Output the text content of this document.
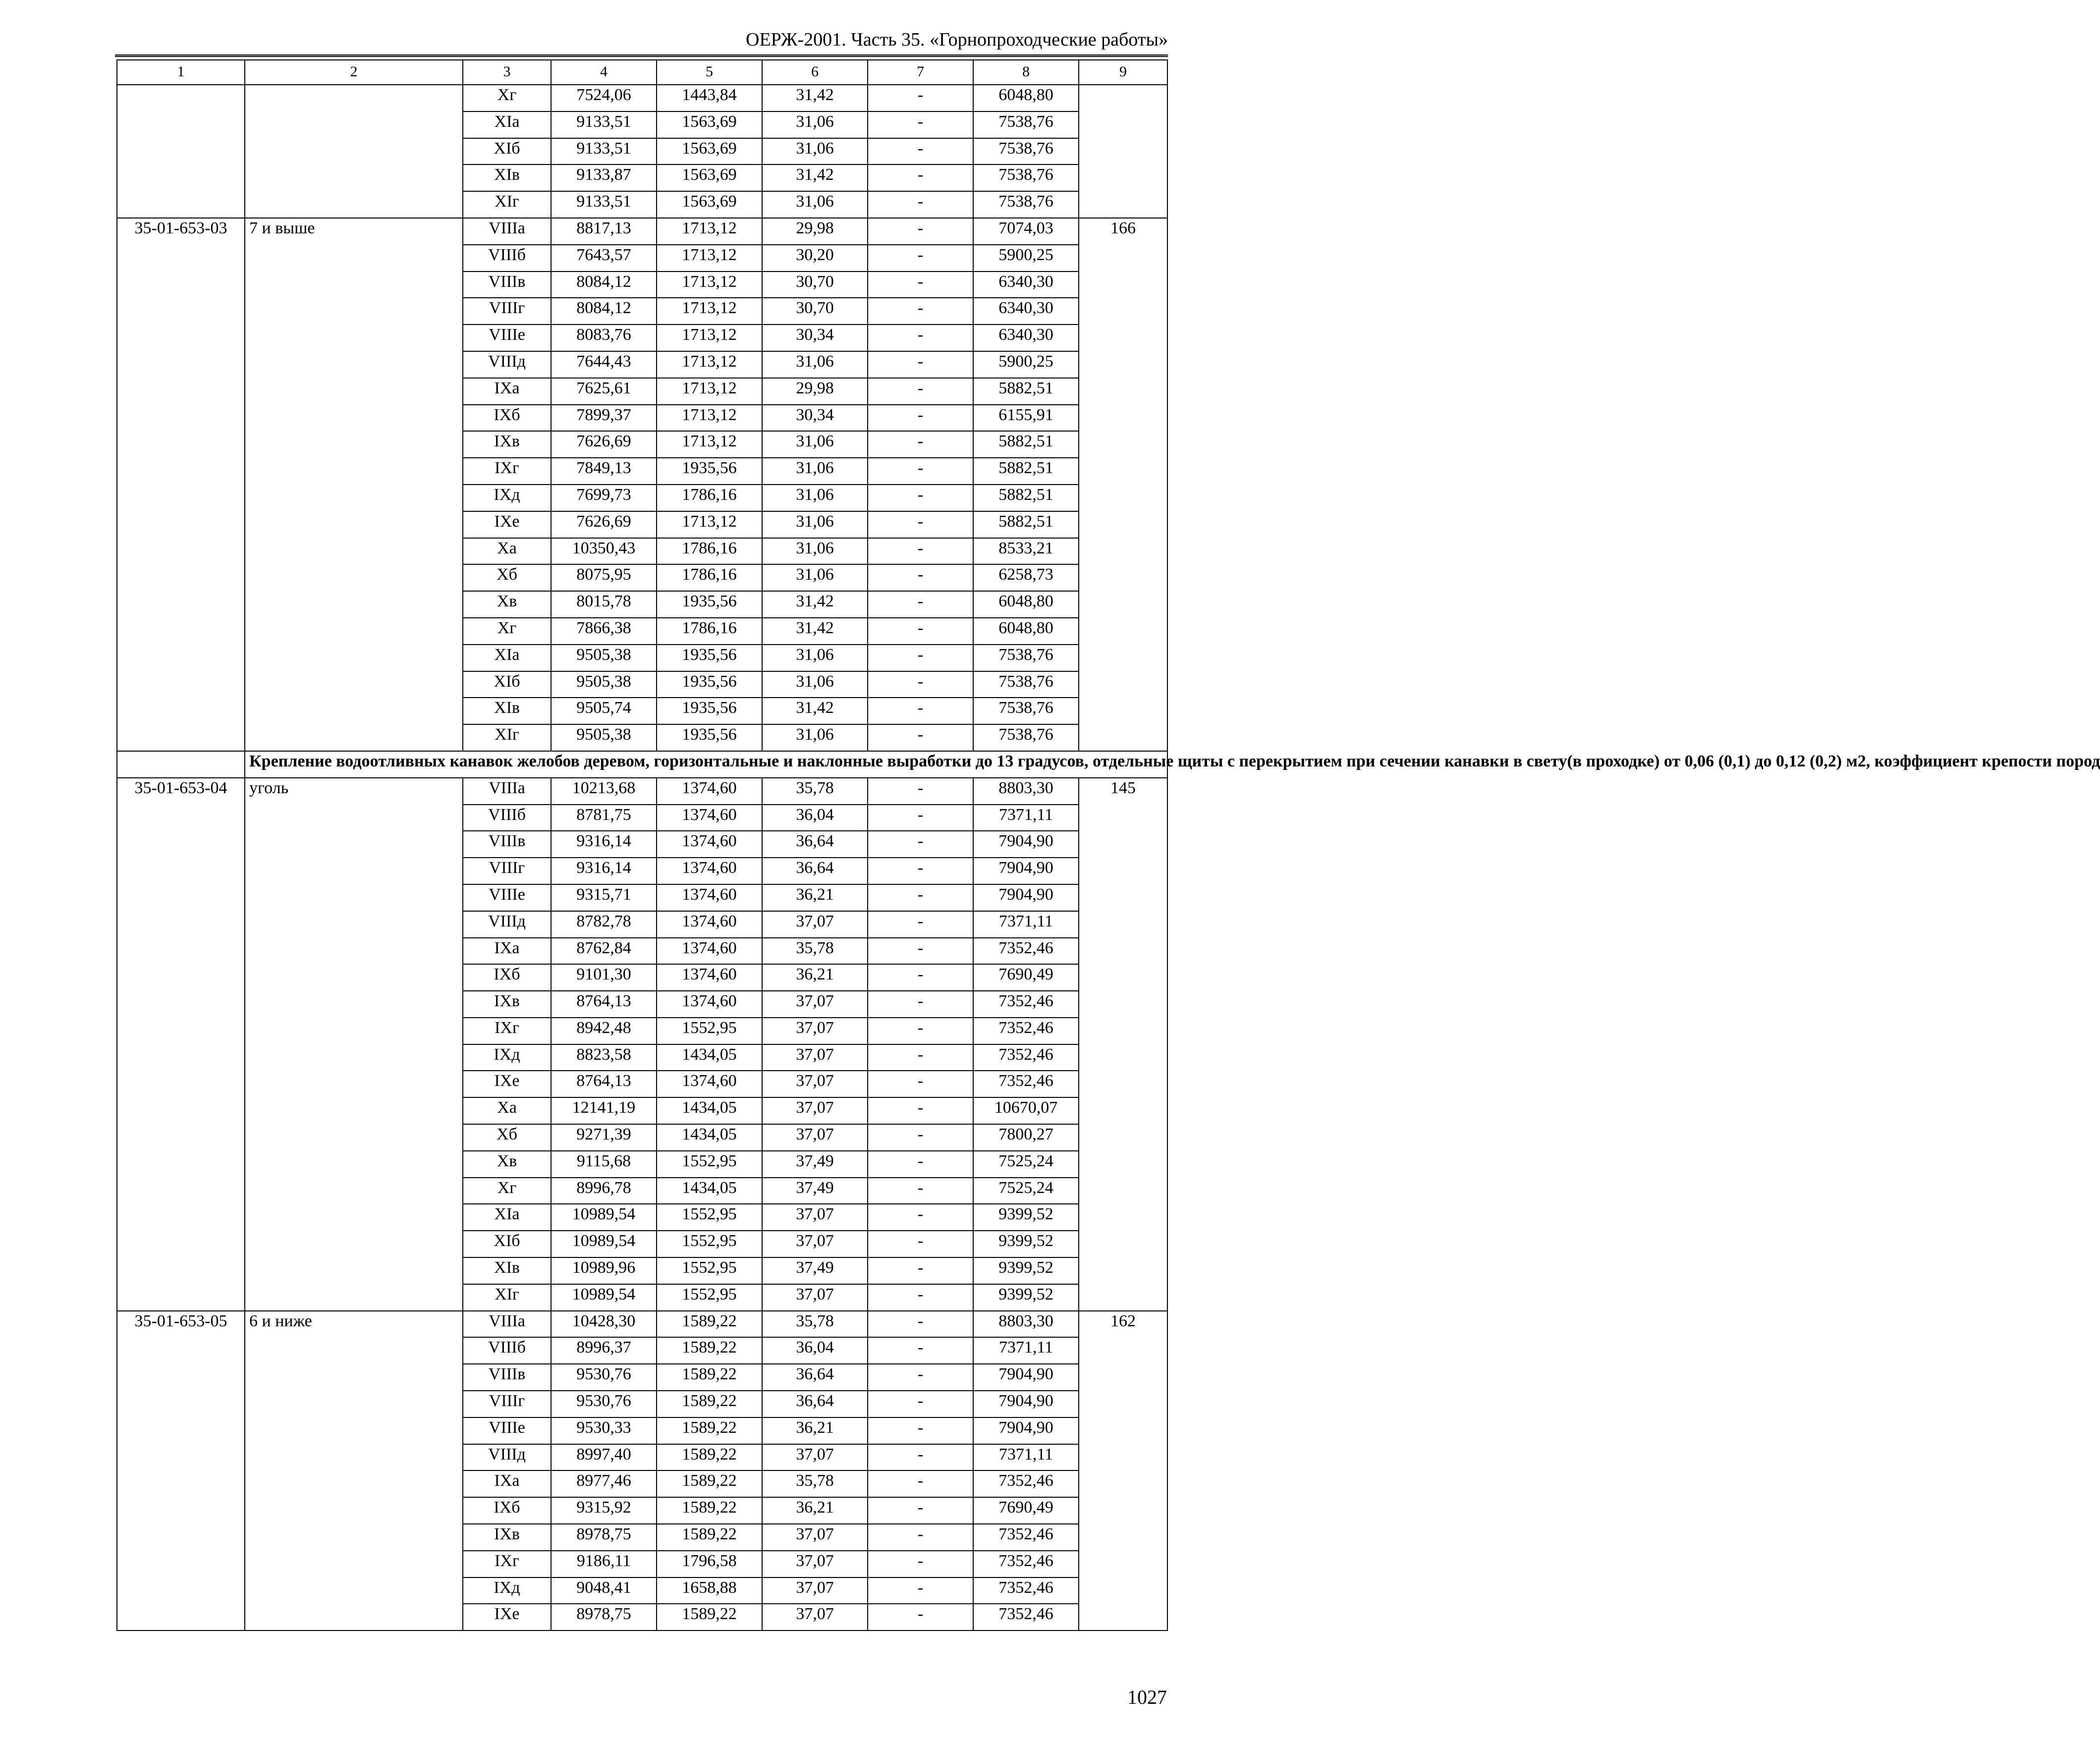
ОЕРЖ-2001. Часть 35. «Горнопроходческие работы»
1	2	3	4	5	6	7	8	9
		Xг	7524,06	1443,84	31,42	-	6048,80	
		XIа	9133,51	1563,69	31,06	-	7538,76	
		XIб	9133,51	1563,69	31,06	-	7538,76	
		XIв	9133,87	1563,69	31,42	-	7538,76	
		XIг	9133,51	1563,69	31,06	-	7538,76	
35-01-653-03	7 и выше	VIIIа	8817,13	1713,12	29,98	-	7074,03	166
		VIIIб	7643,57	1713,12	30,20	-	5900,25	
		VIIIв	8084,12	1713,12	30,70	-	6340,30	
		VIIIг	8084,12	1713,12	30,70	-	6340,30	
		VIIIе	8083,76	1713,12	30,34	-	6340,30	
		VIIIд	7644,43	1713,12	31,06	-	5900,25	
		IXа	7625,61	1713,12	29,98	-	5882,51	
		IXб	7899,37	1713,12	30,34	-	6155,91	
		IXв	7626,69	1713,12	31,06	-	5882,51	
		IXг	7849,13	1935,56	31,06	-	5882,51	
		IXд	7699,73	1786,16	31,06	-	5882,51	
		IXе	7626,69	1713,12	31,06	-	5882,51	
		Xа	10350,43	1786,16	31,06	-	8533,21	
		Xб	8075,95	1786,16	31,06	-	6258,73	
		Xв	8015,78	1935,56	31,42	-	6048,80	
		Xг	7866,38	1786,16	31,42	-	6048,80	
		XIа	9505,38	1935,56	31,06	-	7538,76	
		XIб	9505,38	1935,56	31,06	-	7538,76	
		XIв	9505,74	1935,56	31,42	-	7538,76	
		XIг	9505,38	1935,56	31,06	-	7538,76	
	Крепление водоотливных канавок желобов деревом, горизонтальные и наклонные выработки до 13 градусов, отдельные щиты с перекрытием при сечении канавки в свету(в проходке) от 0,06 (0,1) до 0,12 (0,2) м2, коэффициент крепости пород							
35-01-653-04	уголь	VIIIа	10213,68	1374,60	35,78	-	8803,30	145
		VIIIб	8781,75	1374,60	36,04	-	7371,11	
		VIIIв	9316,14	1374,60	36,64	-	7904,90	
		VIIIг	9316,14	1374,60	36,64	-	7904,90	
		VIIIе	9315,71	1374,60	36,21	-	7904,90	
		VIIIд	8782,78	1374,60	37,07	-	7371,11	
		IXа	8762,84	1374,60	35,78	-	7352,46	
		IXб	9101,30	1374,60	36,21	-	7690,49	
		IXв	8764,13	1374,60	37,07	-	7352,46	
		IXг	8942,48	1552,95	37,07	-	7352,46	
		IXд	8823,58	1434,05	37,07	-	7352,46	
		IXе	8764,13	1374,60	37,07	-	7352,46	
		Xа	12141,19	1434,05	37,07	-	10670,07	
		Xб	9271,39	1434,05	37,07	-	7800,27	
		Xв	9115,68	1552,95	37,49	-	7525,24	
		Xг	8996,78	1434,05	37,49	-	7525,24	
		XIа	10989,54	1552,95	37,07	-	9399,52	
		XIб	10989,54	1552,95	37,07	-	9399,52	
		XIв	10989,96	1552,95	37,49	-	9399,52	
		XIг	10989,54	1552,95	37,07	-	9399,52	
35-01-653-05	6 и ниже	VIIIа	10428,30	1589,22	35,78	-	8803,30	162
		VIIIб	8996,37	1589,22	36,04	-	7371,11	
		VIIIв	9530,76	1589,22	36,64	-	7904,90	
		VIIIг	9530,76	1589,22	36,64	-	7904,90	
		VIIIе	9530,33	1589,22	36,21	-	7904,90	
		VIIIд	8997,40	1589,22	37,07	-	7371,11	
		IXа	8977,46	1589,22	35,78	-	7352,46	
		IXб	9315,92	1589,22	36,21	-	7690,49	
		IXв	8978,75	1589,22	37,07	-	7352,46	
		IXг	9186,11	1796,58	37,07	-	7352,46	
		IXд	9048,41	1658,88	37,07	-	7352,46	
		IXе	8978,75	1589,22	37,07	-	7352,46	
1027
